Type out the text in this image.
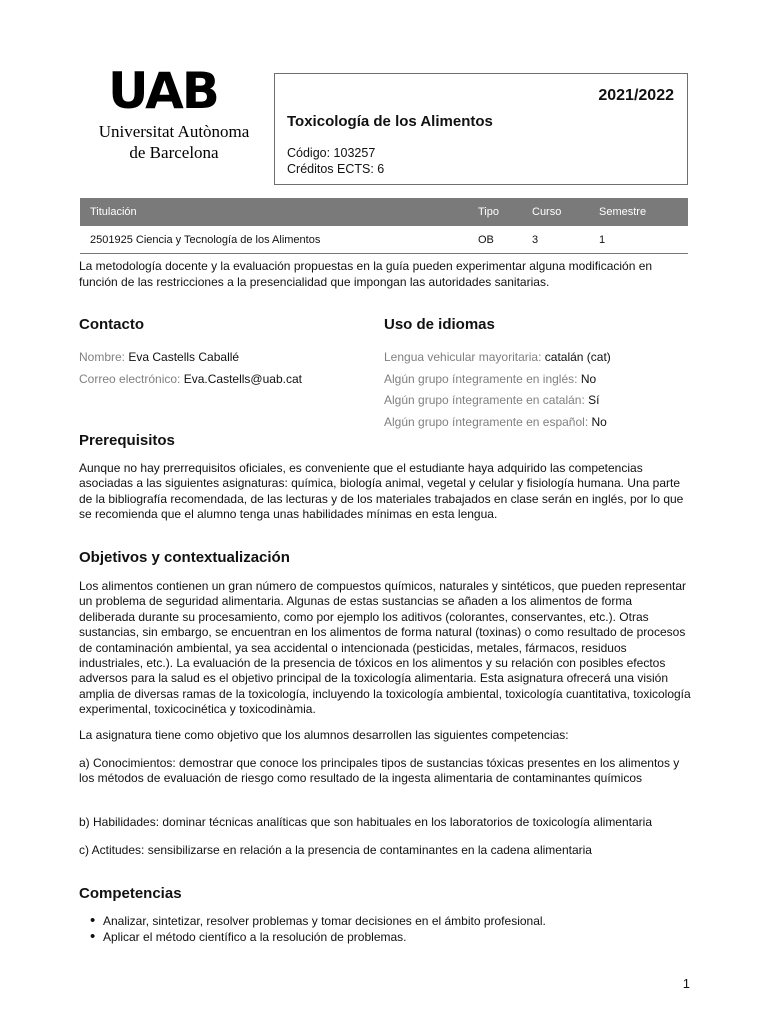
UAB
Universitat Autònoma
de Barcelona
2021/2022
Toxicología de los Alimentos
Código: 103257
Créditos ECTS: 6
Titulación	Tipo	Curso	Semestre
2501925 Ciencia y Tecnología de los Alimentos	OB	3	1
La metodología docente y la evaluación propuestas en la guía pueden experimentar alguna modificación en función de las restricciones a la presencialidad que impongan las autoridades sanitarias.
Contacto
Nombre: Eva Castells Caballé
Correo electrónico: Eva.Castells@uab.cat
Uso de idiomas
Lengua vehicular mayoritaria: catalán (cat)
Algún grupo íntegramente en inglés: No
Algún grupo íntegramente en catalán: Sí
Algún grupo íntegramente en español: No
Prerequisitos

Aunque no hay prerrequisitos oficiales, es conveniente que el estudiante haya adquirido las competencias asociadas a las siguientes asignaturas: química, biología animal, vegetal y celular y fisiología humana. Una parte de la bibliografía recomendada, de las lecturas y de los materiales trabajados en clase serán en inglés, por lo que se recomienda que el alumno tenga unas habilidades mínimas en esta lengua.

Objetivos y contextualización

Los alimentos contienen un gran número de compuestos químicos, naturales y sintéticos, que pueden representar un problema de seguridad alimentaria. Algunas de estas sustancias se añaden a los alimentos de forma deliberada durante su procesamiento, como por ejemplo los aditivos (colorantes, conservantes, etc.). Otras sustancias, sin embargo, se encuentran en los alimentos de forma natural (toxinas) o como resultado de procesos de contaminación ambiental, ya sea accidental o intencionada (pesticidas, metales, fármacos, residuos industriales, etc.). La evaluación de la presencia de tóxicos en los alimentos y su relación con posibles efectos adversos para la salud es el objetivo principal de la toxicología alimentaria. Esta asignatura ofrecerá una visión amplia de diversas ramas de la toxicología, incluyendo la toxicología ambiental, toxicología cuantitativa, toxicología experimental, toxicocinética y toxicodinàmia.

La asignatura tiene como objetivo que los alumnos desarrollen las siguientes competencias:

a) Conocimientos: demostrar que conoce los principales tipos de sustancias tóxicas presentes en los alimentos y los métodos de evaluación de riesgo como resultado de la ingesta alimentaria de contaminantes químicos

b) Habilidades: dominar técnicas analíticas que son habituales en los laboratorios de toxicología alimentaria

c) Actitudes: sensibilizarse en relación a la presencia de contaminantes en la cadena alimentaria

Competencias
• Analizar, sintetizar, resolver problemas y tomar decisiones en el ámbito profesional.
• Aplicar el método científico a la resolución de problemas.
1
